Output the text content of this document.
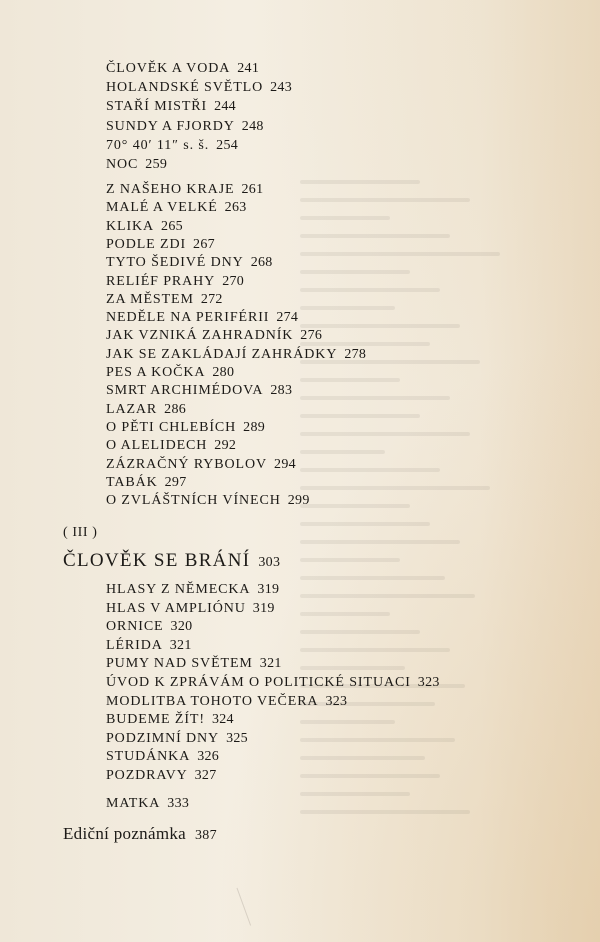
ČLOVĚK A VODA 241
HOLANDSKÉ SVĚTLO 243
STAŘÍ MISTŘI 244
SUNDY A FJORDY 248
70° 40′ 11″ s. š. 254
NOC 259
Z NAŠEHO KRAJE 261
MALÉ A VELKÉ 263
KLIKA 265
PODLE ZDI 267
TYTO ŠEDIVÉ DNY 268
RELIÉF PRAHY 270
ZA MĚSTEM 272
NEDĚLE NA PERIFÉRII 274
JAK VZNIKÁ ZAHRADNÍK 276
JAK SE ZAKLÁDAJÍ ZAHRÁDKY 278
PES A KOČKA 280
SMRT ARCHIMÉDOVA 283
LAZAR 286
O PĚTI CHLEBÍCH 289
O ALELIDECH 292
ZÁZRAČNÝ RYBOLOV 294
TABÁK 297
O ZVLÁŠTNÍCH VÍNECH 299
( III )
ČLOVĚK SE BRÁNÍ 303
HLASY Z NĚMECKA 319
HLAS V AMPLIÓNU 319
ORNICE 320
LÉRIDA 321
PUMY NAD SVĚTEM 321
ÚVOD K ZPRÁVÁM O POLITICKÉ SITUACI 323
MODLITBA TOHOTO VEČERA 323
BUDEME ŽÍT! 324
PODZIMNÍ DNY 325
STUDÁNKA 326
POZDRAVY 327
MATKA 333
Ediční poznámka 387
